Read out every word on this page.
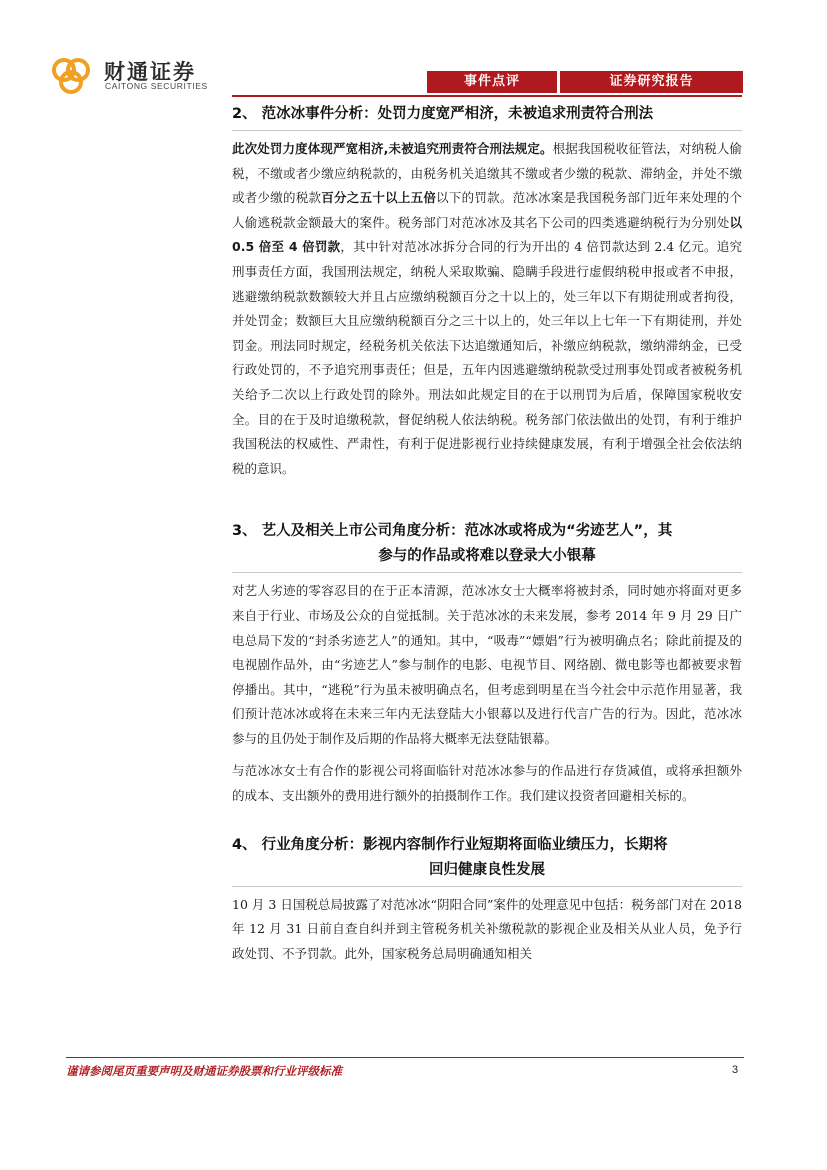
财通证券
CAITONG SECURITIES	事件点评	证券研究报告
2、 范冰冰事件分析：处罚力度宽严相济，未被追求刑责符合刑法

此次处罚力度体现严宽相济,未被追究刑责符合刑法规定。根据我国税收征管法，对纳税人偷税，不缴或者少缴应纳税款的，由税务机关追缴其不缴或者少缴的税款、滞纳金，并处不缴或者少缴的税款百分之五十以上五倍以下的罚款。范冰冰案是我国税务部门近年来处理的个人偷逃税款金额最大的案件。税务部门对范冰冰及其名下公司的四类逃避纳税行为分别处以 0.5 倍至 4 倍罚款，其中针对范冰冰拆分合同的行为开出的 4 倍罚款达到 2.4 亿元。追究刑事责任方面，我国刑法规定，纳税人采取欺骗、隐瞒手段进行虚假纳税申报或者不申报，逃避缴纳税款数额较大并且占应缴纳税额百分之十以上的，处三年以下有期徒刑或者拘役，并处罚金；数额巨大且应缴纳税额百分之三十以上的，处三年以上七年一下有期徒刑，并处罚金。刑法同时规定，经税务机关依法下达追缴通知后，补缴应纳税款，缴纳滞纳金，已受行政处罚的，不予追究刑事责任；但是，五年内因逃避缴纳税款受过刑事处罚或者被税务机关给予二次以上行政处罚的除外。刑法如此规定目的在于以刑罚为后盾，保障国家税收安全。目的在于及时追缴税款，督促纳税人依法纳税。税务部门依法做出的处罚，有利于维护我国税法的权威性、严肃性，有利于促进影视行业持续健康发展，有利于增强全社会依法纳税的意识。

3、 艺人及相关上市公司角度分析：范冰冰或将成为“劣迹艺人”，其
参与的作品或将难以登录大小银幕

对艺人劣迹的零容忍目的在于正本清源，范冰冰女士大概率将被封杀，同时她亦将面对更多来自于行业、市场及公众的自觉抵制。关于范冰冰的未来发展，参考 2014 年 9 月 29 日广电总局下发的“封杀劣迹艺人”的通知。其中，“吸毒”“嫖娼”行为被明确点名；除此前提及的电视剧作品外，由“劣迹艺人”参与制作的电影、电视节目、网络剧、微电影等也都被要求暂停播出。其中，“逃税”行为虽未被明确点名，但考虑到明星在当今社会中示范作用显著，我们预计范冰冰或将在未来三年内无法登陆大小银幕以及进行代言广告的行为。因此，范冰冰参与的且仍处于制作及后期的作品将大概率无法登陆银幕。

与范冰冰女士有合作的影视公司将面临针对范冰冰参与的作品进行存货减值，或将承担额外的成本、支出额外的费用进行额外的拍摄制作工作。我们建议投资者回避相关标的。

4、 行业角度分析：影视内容制作行业短期将面临业绩压力，长期将
回归健康良性发展

10 月 3 日国税总局披露了对范冰冰“阴阳合同”案件的处理意见中包括：税务部门对在 2018 年 12 月 31 日前自查自纠并到主管税务机关补缴税款的影视企业及相关从业人员，免予行政处罚、不予罚款。此外，国家税务总局明确通知相关

谨请参阅尾页重要声明及财通证券股票和行业评级标准	3
